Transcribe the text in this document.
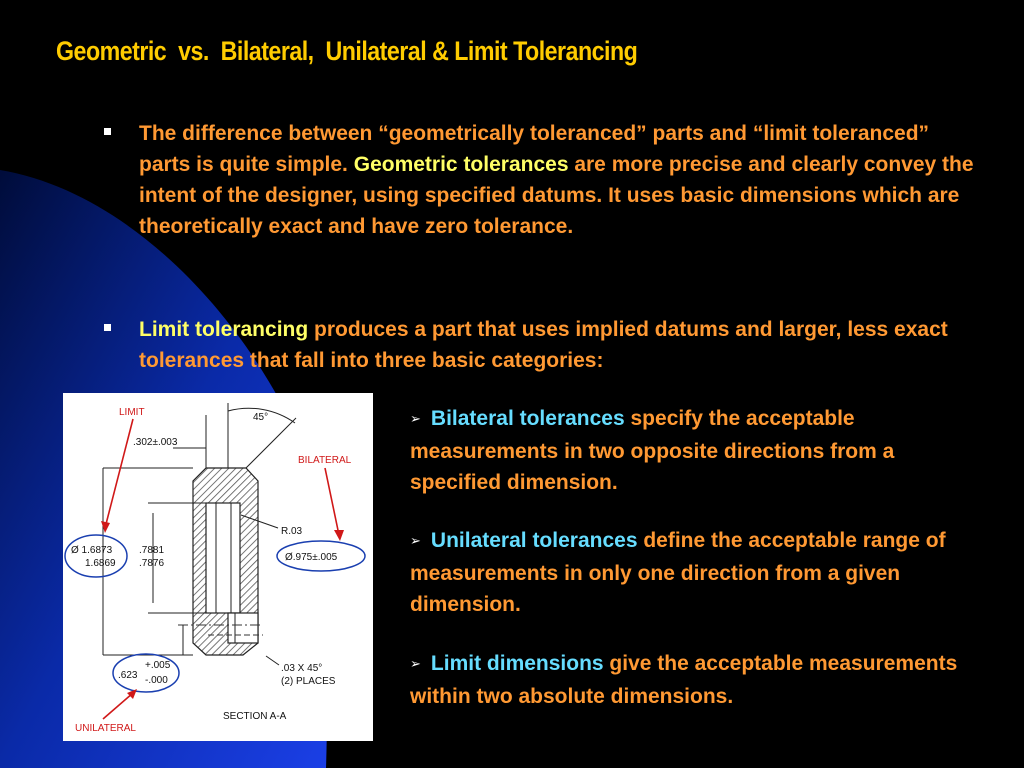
Geometric  vs.  Bilateral,  Unilateral & Limit Tolerancing
The difference between “geometrically toleranced” parts and “limit toleranced” parts is quite simple. Geometric tolerances are more precise and clearly convey the intent of the designer, using specified datums. It uses basic dimensions which are theoretically exact and have zero tolerance.
Limit tolerancing produces a part that uses implied datums and larger, less exact tolerances that fall into three basic categories:
➢ Bilateral tolerances specify the acceptable measurements in two opposite directions from a specified dimension.
➢ Unilateral tolerances define the acceptable range of measurements in only one direction from a given dimension.
➢ Limit dimensions give the acceptable measurements within two absolute dimensions.
.302±.003
45°
R.03
.7881
.7876
.03 X 45°
(2) PLACES
SECTION A-A
Ø 1.6873
1.6869
Ø.975±.005
.623
+.005
-.000
LIMIT
BILATERAL
UNILATERAL
